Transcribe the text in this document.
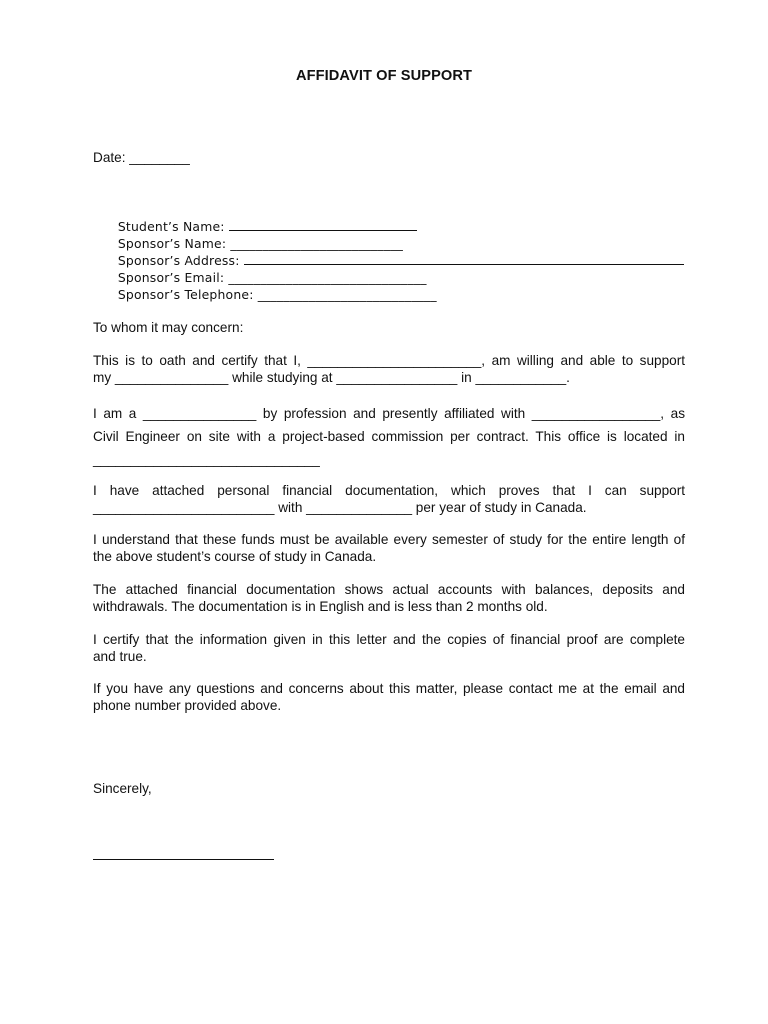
AFFIDAVIT OF SUPPORT
Date: ________

Student’s Name:

Sponsor’s Name: ___________________________

Sponsor’s Address:

Sponsor’s Email: _______________________________

Sponsor’s Telephone: ____________________________

To whom it may concern:
This is to oath and certify that I, _______________________, am willing and able to support
my _______________ while studying at ________________ in ____________.
I am a _______________ by profession and presently affiliated with _________________, as
Civil Engineer on site with a project-based commission per contract. This office is located in
______________________________
I have attached personal financial documentation, which proves that I can support
________________________ with ______________ per year of study in Canada.
I understand that these funds must be available every semester of study for the entire length of
the above student’s course of study in Canada.
The attached financial documentation shows actual accounts with balances, deposits and
withdrawals. The documentation is in English and is less than 2 months old.
I certify that the information given in this letter and the copies of financial proof are complete
and true.
If you have any questions and concerns about this matter, please contact me at the email and
phone number provided above.
Sincerely,
